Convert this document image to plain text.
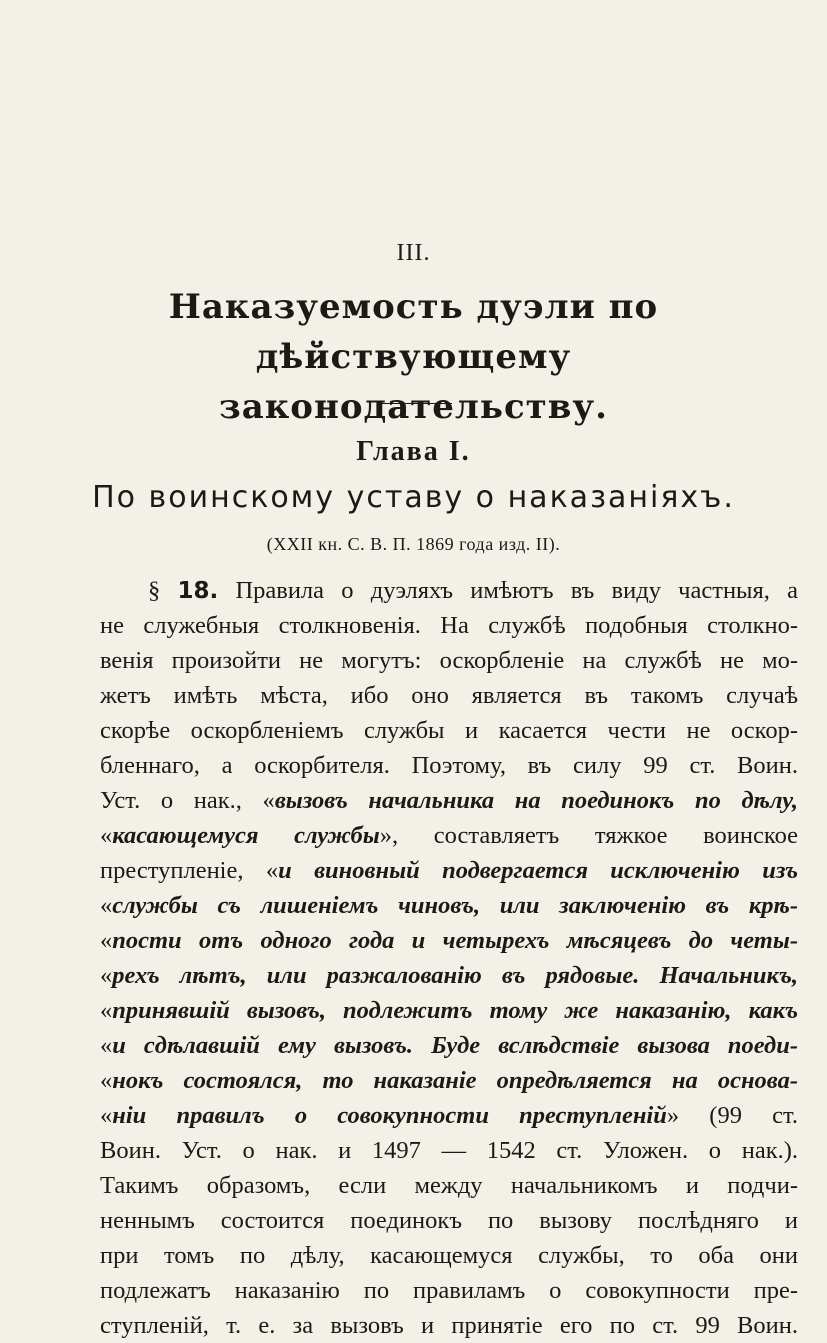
III.
Наказуемость дуэли по дѣйствующему
законодательству.
Глава I.
По воинскому уставу о наказаніяхъ.
(XXII кн. С. В. П. 1869 года изд. II).
§ 18. Правила о дуэляхъ имѣютъ въ виду частныя, а
не служебныя столкновенія. На службѣ подобныя столкно-
венія произойти не могутъ: оскорбленіе на службѣ не мо-
жетъ имѣть мѣста, ибо оно является въ такомъ случаѣ
скорѣе оскорбленіемъ службы и касается чести не оскор-
бленнаго, а оскорбителя. Поэтому, въ силу 99 ст. Воин.
Уст. о нак., «вызовъ начальника на поединокъ по дѣлу,
«касающемуся службы», составляетъ тяжкое воинское
преступленіе, «и виновный подвергается исключенію изъ
«службы съ лишеніемъ чиновъ, или заключенію въ крѣ-
«пости отъ одного года и четырехъ мѣсяцевъ до четы-
«рехъ лѣтъ, или разжалованію въ рядовые. Начальникъ,
«принявшій вызовъ, подлежитъ тому же наказанію, какъ
«и сдѣлавшій ему вызовъ. Буде вслѣдствіе вызова поеди-
«нокъ состоялся, то наказаніе опредѣляется на основа-
«ніи правилъ о совокупности преступленій» (99 ст.
Воин. Уст. о нак. и 1497 — 1542 ст. Уложен. о нак.).
Такимъ образомъ, если между начальникомъ и подчи-
неннымъ состоится поединокъ по вызову послѣдняго и
при томъ по дѣлу, касающемуся службы, то оба они
подлежатъ наказанію по правиламъ о совокупности пре-
ступленій, т. е. за вызовъ и принятіе его по ст. 99 Воин.
